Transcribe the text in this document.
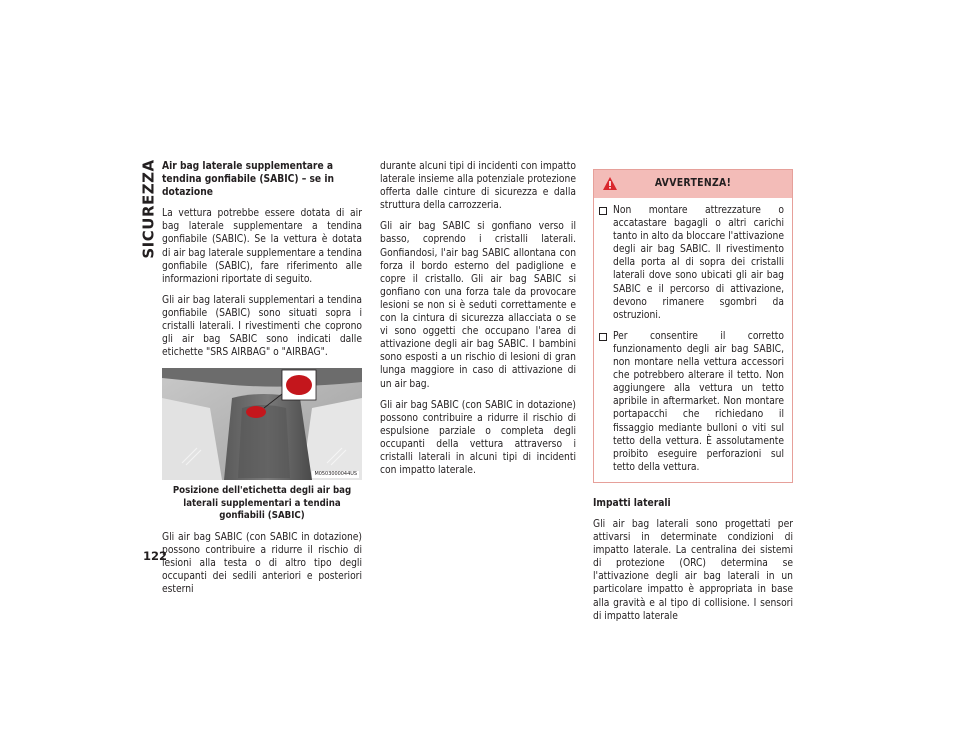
SICUREZZA
122
Air bag laterale supplementare a tendina gonfiabile (SABIC) – se in dotazione

La vettura potrebbe essere dotata di air bag laterale supplementare a tendina gonfiabile (SABIC). Se la vettura è dotata di air bag laterale supplementare a tendina gonfiabile (SABIC), fare riferimento alle informazioni riportate di seguito.

Gli air bag laterali supplementari a tendina gonfiabile (SABIC) sono situati sopra i cristalli laterali. I rivestimenti che coprono gli air bag SABIC sono indicati dalle etichette "SRS AIRBAG" o "AIRBAG".

M0503000044US
Posizione dell'etichetta degli air bag laterali supplementari a tendina gonfiabili (SABIC)

Gli air bag SABIC (con SABIC in dotazione) possono contribuire a ridurre il rischio di lesioni alla testa o di altro tipo degli occupanti dei sedili anteriori e posteriori esterni

durante alcuni tipi di incidenti con impatto laterale insieme alla potenziale protezione offerta dalle cinture di sicurezza e dalla struttura della carrozzeria.

Gli air bag SABIC si gonfiano verso il basso, coprendo i cristalli laterali. Gonfiandosi, l'air bag SABIC allontana con forza il bordo esterno del padiglione e copre il cristallo. Gli air bag SABIC si gonfiano con una forza tale da provocare lesioni se non si è seduti correttamente e con la cintura di sicurezza allacciata o se vi sono oggetti che occupano l'area di attivazione degli air bag SABIC. I bambini sono esposti a un rischio di lesioni di gran lunga maggiore in caso di attivazione di un air bag.

Gli air bag SABIC (con SABIC in dotazione) possono contribuire a ridurre il rischio di espulsione parziale o completa degli occupanti della vettura attraverso i cristalli laterali in alcuni tipi di incidenti con impatto laterale.

AVVERTENZA!
Non montare attrezzature o accatastare bagagli o altri carichi tanto in alto da bloccare l'attivazione degli air bag SABIC. Il rivestimento della porta al di sopra dei cristalli laterali dove sono ubicati gli air bag SABIC e il percorso di attivazione, devono rimanere sgombri da ostruzioni.
Per consentire il corretto funzionamento degli air bag SABIC, non montare nella vettura accessori che potrebbero alterare il tetto. Non aggiungere alla vettura un tetto apribile in aftermarket. Non montare portapacchi che richiedano il fissaggio mediante bulloni o viti sul tetto della vettura. È assolutamente proibito eseguire perforazioni sul tetto della vettura.
Impatti laterali

Gli air bag laterali sono progettati per attivarsi in determinate condizioni di impatto laterale. La centralina dei sistemi di protezione (ORC) determina se l'attivazione degli air bag laterali in un particolare impatto è appropriata in base alla gravità e al tipo di collisione. I sensori di impatto laterale
